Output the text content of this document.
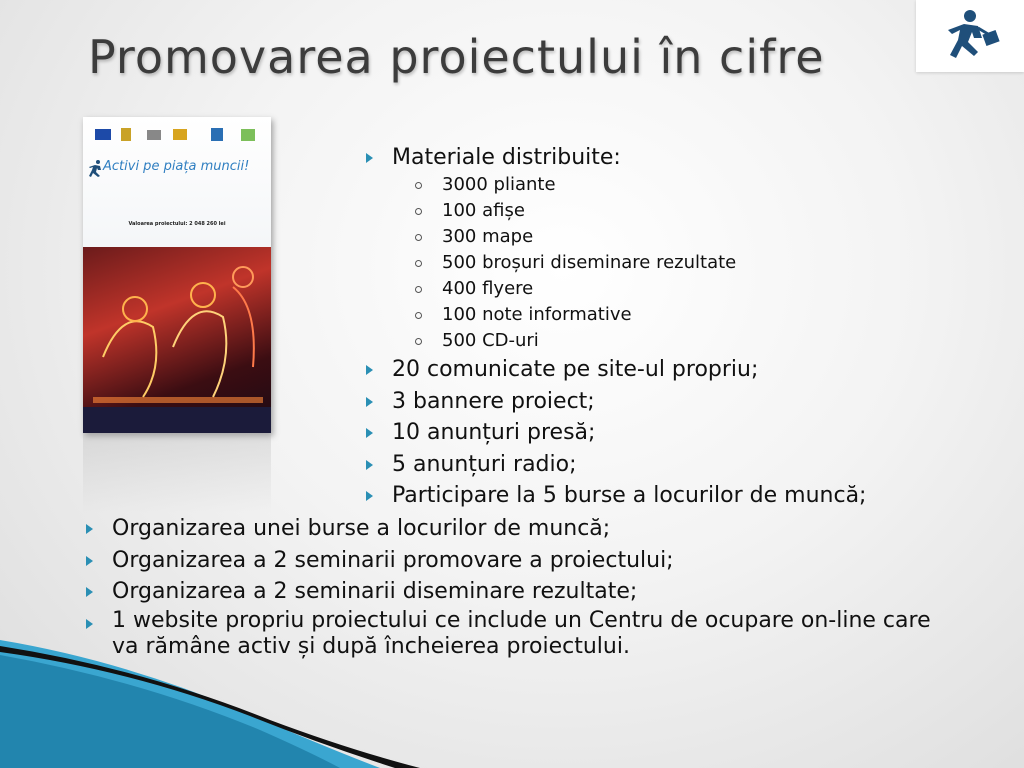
Promovarea proiectului în cifre
Activi pe piața muncii!
Valoarea proiectului: 2 048 260 lei
Materiale distribuite:
3000 pliante
100 afișe
300 mape
500 broșuri diseminare rezultate
400 flyere
100 note informative
500 CD-uri
20 comunicate pe site-ul propriu;
3 bannere proiect;
10 anunțuri presă;
5 anunțuri radio;
Participare la 5 burse a locurilor de muncă;
Organizarea unei burse a locurilor de muncă;
Organizarea a 2 seminarii promovare a proiectului;
Organizarea a 2 seminarii diseminare rezultate;
1 website propriu proiectului ce include un Centru de ocupare on-line care va rămâne activ și după încheierea proiectului.
